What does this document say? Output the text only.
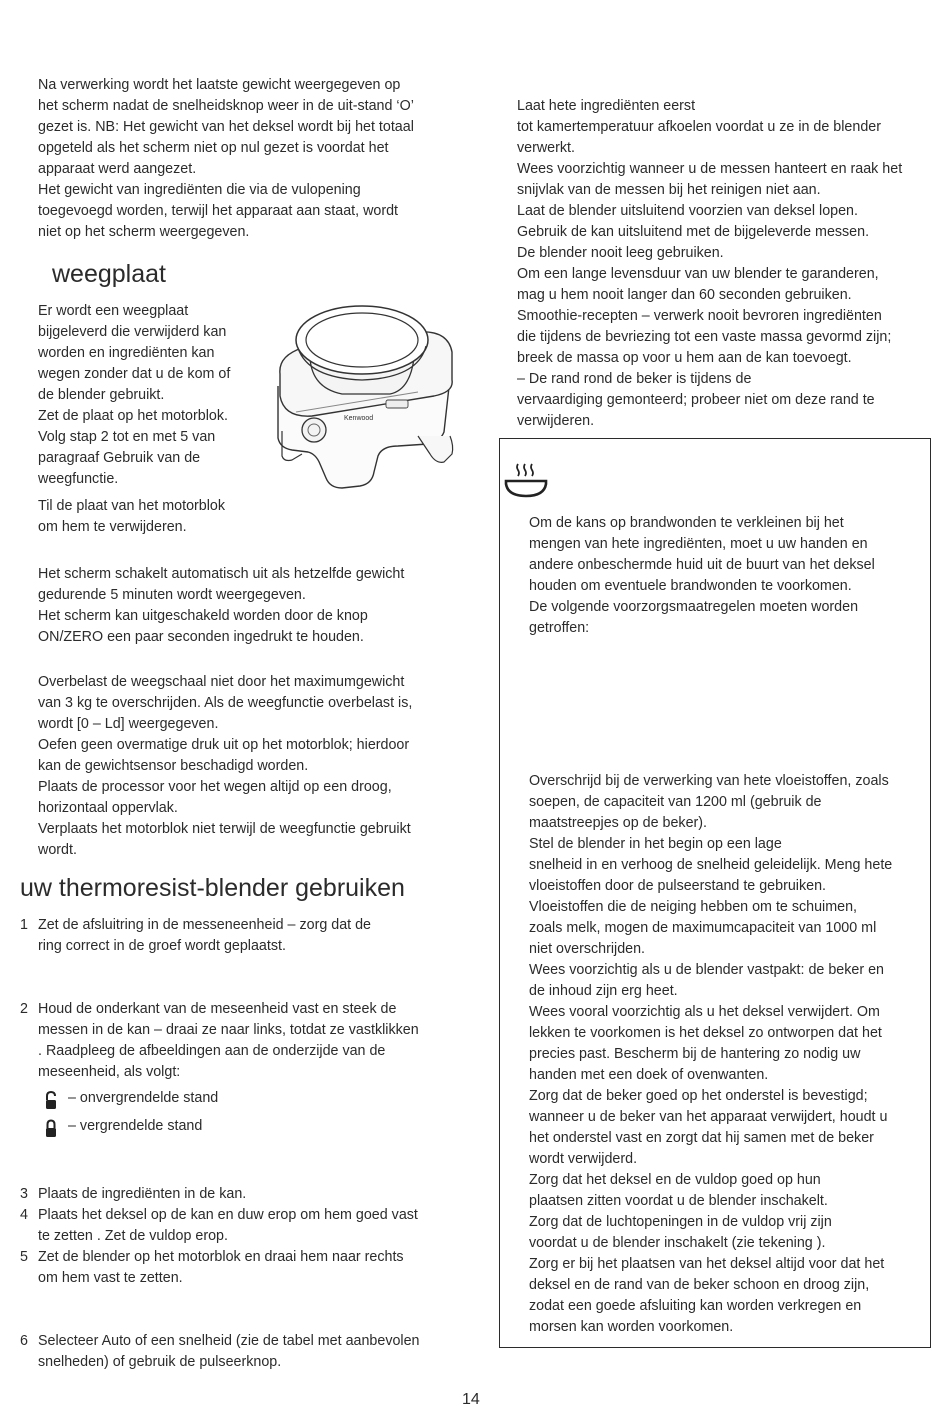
Na verwerking wordt het laatste gewicht weergegeven op
het scherm nadat de snelheidsknop weer in de uit-stand ‘O’
gezet is. NB: Het gewicht van het deksel wordt bij het totaal
opgeteld als het scherm niet op nul gezet is voordat het
apparaat werd aangezet.
Het gewicht van ingrediënten die via de vulopening
toegevoegd worden, terwijl het apparaat aan staat, wordt
niet op het scherm weergegeven.

weegplaat

Er wordt een weegplaat
bijgeleverd die verwijderd kan
worden en ingrediënten kan
wegen zonder dat u de kom of
de blender gebruikt.
Zet de plaat op het motorblok.
Volg stap 2 tot en met 5 van
paragraaf Gebruik van de
weegfunctie.

Til de plaat van het motorblok
om hem te verwijderen.

Kenwood

Het scherm schakelt automatisch uit als hetzelfde gewicht
gedurende 5 minuten wordt weergegeven.
Het scherm kan uitgeschakeld worden door de knop
ON/ZERO een paar seconden ingedrukt te houden.

Overbelast de weegschaal niet door het maximumgewicht
van 3 kg te overschrijden. Als de weegfunctie overbelast is,
wordt [0 – Ld] weergegeven.
Oefen geen overmatige druk uit op het motorblok; hierdoor
kan de gewichtsensor beschadigd worden.
Plaats de processor voor het wegen altijd op een droog,
horizontaal oppervlak.
Verplaats het motorblok niet terwijl de weegfunctie gebruikt
wordt.

uw thermoresist-blender gebruiken
1 Zet de afsluitring in de messeneenheid – zorg dat de
ring correct in de groef wordt geplaatst.

2 Houd de onderkant van de meseenheid vast en steek de
messen in de kan – draai ze naar links, totdat ze vastklikken
. Raadpleeg de afbeeldingen aan de onderzijde van de
meseenheid, als volgt:

– onvergrendelde stand
– vergrendelde stand
3 Plaats de ingrediënten in de kan.

4 Plaats het deksel op de kan en duw erop om hem goed vast
te zetten . Zet de vuldop erop.

5 Zet de blender op het motorblok en draai hem naar rechts
om hem vast te zetten.

6 Selecteer Auto of een snelheid (zie de tabel met aanbevolen
snelheden) of gebruik de pulseerknop.

Laat hete ingrediënten eerst
tot kamertemperatuur afkoelen voordat u ze in de blender
verwerkt.
Wees voorzichtig wanneer u de messen hanteert en raak het
snijvlak van de messen bij het reinigen niet aan.
Laat de blender uitsluitend voorzien van deksel lopen.
Gebruik de kan uitsluitend met de bijgeleverde messen.
De blender nooit leeg gebruiken.
Om een lange levensduur van uw blender te garanderen,
mag u hem nooit langer dan 60 seconden gebruiken.
Smoothie-recepten – verwerk nooit bevroren ingrediënten
die tijdens de bevriezing tot een vaste massa gevormd zijn;
breek de massa op voor u hem aan de kan toevoegt.
– De rand rond de beker is tijdens de
vervaardiging gemonteerd; probeer niet om deze rand te
verwijderen.

Om de kans op brandwonden te verkleinen bij het
mengen van hete ingrediënten, moet u uw handen en
andere onbeschermde huid uit de buurt van het deksel
houden om eventuele brandwonden te voorkomen.
De volgende voorzorgsmaatregelen moeten worden
getroffen:

Overschrijd bij de verwerking van hete vloeistoffen, zoals
soepen, de capaciteit van 1200 ml (gebruik de
maatstreepjes op de beker).
Stel de blender in het begin op een lage
snelheid in en verhoog de snelheid geleidelijk. Meng hete
vloeistoffen door de pulseerstand te gebruiken.
Vloeistoffen die de neiging hebben om te schuimen,
zoals melk, mogen de maximumcapaciteit van 1000 ml
niet overschrijden.
Wees voorzichtig als u de blender vastpakt: de beker en
de inhoud zijn erg heet.
Wees vooral voorzichtig als u het deksel verwijdert. Om
lekken te voorkomen is het deksel zo ontworpen dat het
precies past. Bescherm bij de hantering zo nodig uw
handen met een doek of ovenwanten.
Zorg dat de beker goed op het onderstel is bevestigd;
wanneer u de beker van het apparaat verwijdert, houdt u
het onderstel vast en zorgt dat hij samen met de beker
wordt verwijderd.
Zorg dat het deksel en de vuldop goed op hun
plaatsen zitten voordat u de blender inschakelt.
Zorg dat de luchtopeningen in de vuldop vrij zijn
voordat u de blender inschakelt (zie tekening ).
Zorg er bij het plaatsen van het deksel altijd voor dat het
deksel en de rand van de beker schoon en droog zijn,
zodat een goede afsluiting kan worden verkregen en
morsen kan worden voorkomen.

14
